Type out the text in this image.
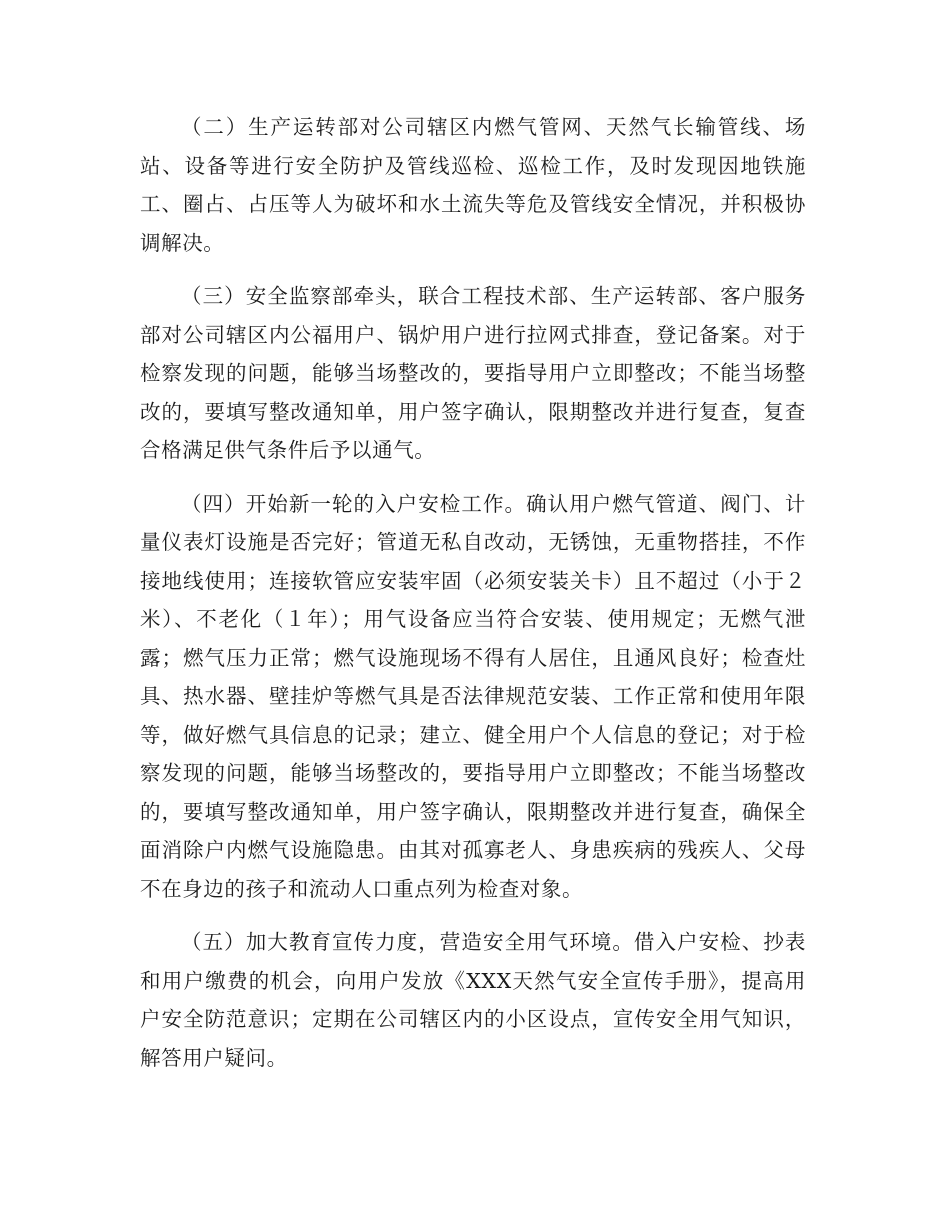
（二）生产运转部对公司辖区内燃气管网、天然气长输管线、场站、设备等进行安全防护及管线巡检、巡检工作，及时发现因地铁施工、圈占、占压等人为破坏和水土流失等危及管线安全情况，并积极协调解决。

（三）安全监察部牵头，联合工程技术部、生产运转部、客户服务部对公司辖区内公福用户、锅炉用户进行拉网式排查，登记备案。对于检察发现的问题，能够当场整改的，要指导用户立即整改；不能当场整改的，要填写整改通知单，用户签字确认，限期整改并进行复查，复查合格满足供气条件后予以通气。

（四）开始新一轮的入户安检工作。确认用户燃气管道、阀门、计量仪表灯设施是否完好；管道无私自改动，无锈蚀，无重物搭挂，不作接地线使用；连接软管应安装牢固（必须安装关卡）且不超过（小于２米）、不老化（１年）；用气设备应当符合安装、使用规定；无燃气泄露；燃气压力正常；燃气设施现场不得有人居住，且通风良好；检查灶具、热水器、壁挂炉等燃气具是否法律规范安装、工作正常和使用年限等，做好燃气具信息的记录；建立、健全用户个人信息的登记；对于检察发现的问题，能够当场整改的，要指导用户立即整改；不能当场整改的，要填写整改通知单，用户签字确认，限期整改并进行复查，确保全面消除户内燃气设施隐患。由其对孤寡老人、身患疾病的残疾人、父母不在身边的孩子和流动人口重点列为检查对象。

（五）加大教育宣传力度，营造安全用气环境。借入户安检、抄表和用户缴费的机会，向用户发放《XXX天然气安全宣传手册》，提高用户安全防范意识；定期在公司辖区内的小区设点，宣传安全用气知识，解答用户疑问。
